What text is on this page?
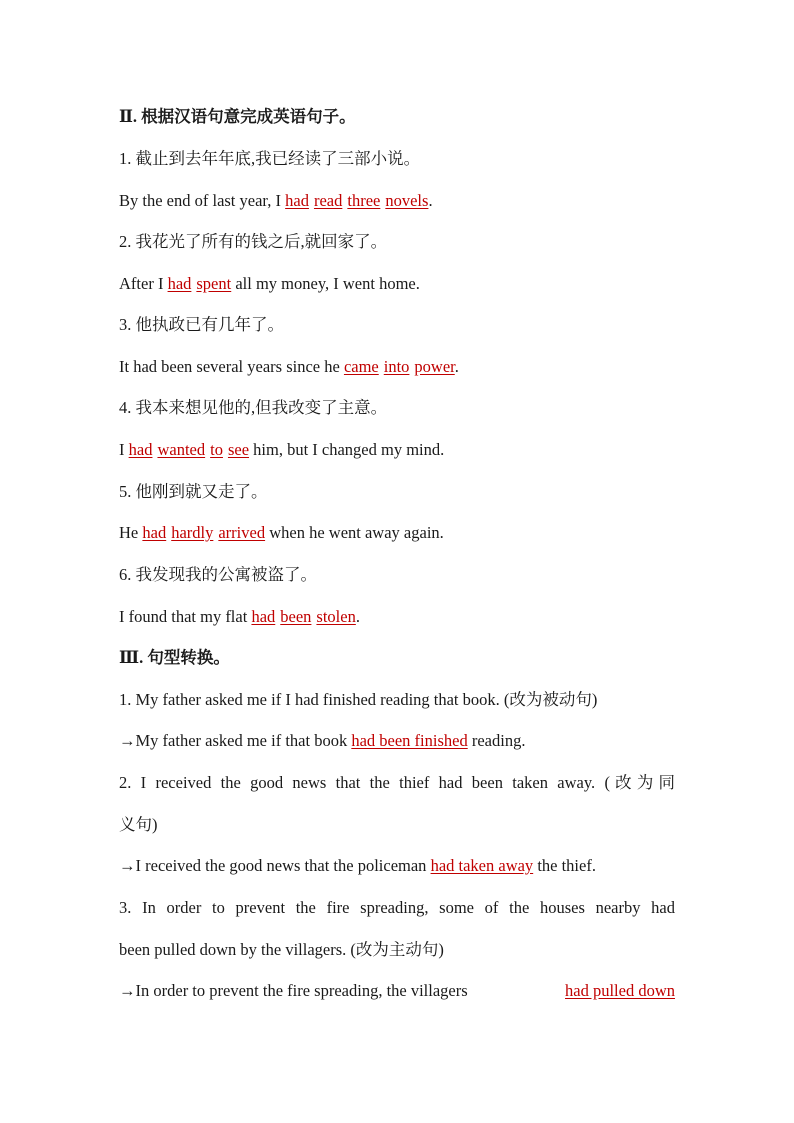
Ⅱ. 根据汉语句意完成英语句子。
1. 截止到去年年底,我已经读了三部小说。
By the end of last year, I had read three novels.
2. 我花光了所有的钱之后,就回家了。
After I had spent all my money, I went home.
3. 他执政已有几年了。
It had been several years since he came into power.
4. 我本来想见他的,但我改变了主意。
I had wanted to see him, but I changed my mind.
5. 他刚到就又走了。
He had hardly arrived when he went away again.
6. 我发现我的公寓被盗了。
I found that my flat had been stolen.
Ⅲ. 句型转换。
1. My father asked me if I had finished reading that book. (改为被动句)
→My father asked me if that book had been finished reading.
2. I received the good news that the thief had been taken away. (改为同
义句)
→I received the good news that the policeman had taken away the thief.
3. In order to prevent the fire spreading, some of the houses nearby had
been pulled down by the villagers. (改为主动句)
→In order to prevent the fire spreading, the villagers	had pulled down
